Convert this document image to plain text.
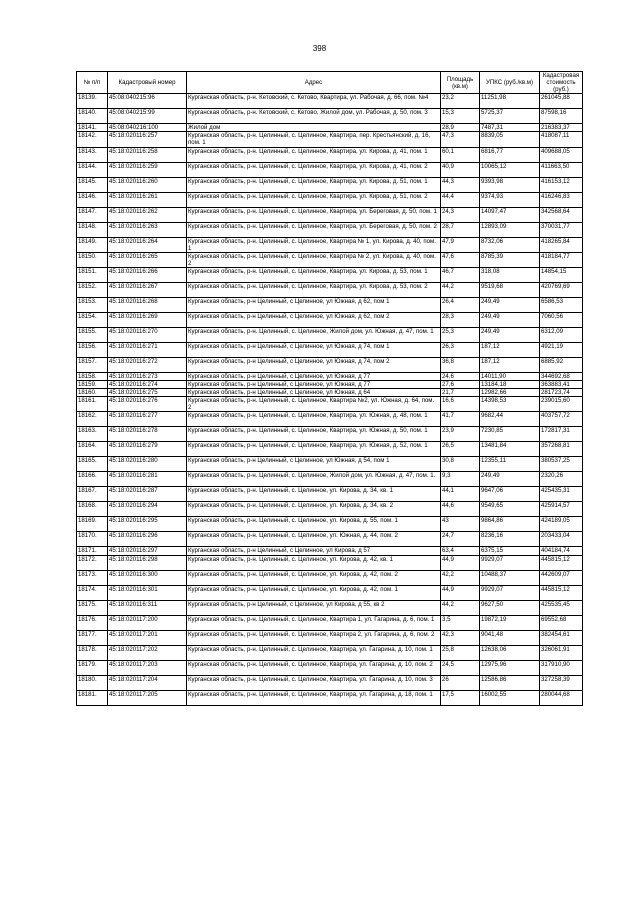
398
№ п/п	Кадастровый номер	Адрес	Площадь (кв.м)	УПКС (руб./кв.м)	Кадастровая стоимость (руб.)
18139.	45:08:040215:96	Курганская область, р-н. Кетовский, с. Кетово, Квартира, ул. Рабочая, д. 66, пом. №4	23,2	11251,98	261045,88
18140.	45:08:040215:99	Курганская область, р-н. Кетовский, с. Кетово, Жилой дом, ул. Рабочая, д. 50, пом. 3	15,3	5725,37	87598,16
18141.	45:08:040216:100	Жилой дом	28,9	7487,31	216383,37
18142.	45:18:020116:257	Курганская область, р-н. Целинный, с. Целинное, Квартира, пер. Крестьянский, д. 16, пом. 1	47,3	8839,05	418087,11
18143.	45:18:020116:258	Курганская область, р-н. Целинный, с. Целинное, Квартира, ул. Кирова, д. 41, пом. 1	60,1	6816,77	409688,05
18144.	45:18:020116:259	Курганская область, р-н. Целинный, с. Целинное, Квартира, ул. Кирова, д. 41, пом. 2	40,9	10065,12	411663,50
18145.	45:18:020116:260	Курганская область, р-н. Целинный, с. Целинное, Квартира, ул. Кирова, д. 51, пом. 1	44,3	9393,98	416153,12
18146.	45:18:020116:261	Курганская область, р-н. Целинный, с. Целинное, Квартира, ул. Кирова, д. 51, пом. 2	44,4	9374,93	416246,83
18147.	45:18:020116:262	Курганская область, р-н. Целинный, с. Целинное, Квартира, ул. Береговая, д. 50, пом. 1	24,3	14097,47	342568,64
18148.	45:18:020116:263	Курганская область, р-н. Целинный, с. Целинное, Квартира, ул. Береговая, д. 50, пом. 2	28,7	12893,09	370031,77
18149.	45:18:020116:264	Курганская область, р-н. Целинный, с. Целинное, Квартира № 1, ул. Кирова, д. 40, пом. 1	47,9	8732,06	418265,84
18150.	45:18:020116:265	Курганская область, р-н. Целинный, с. Целинное, Квартира № 2, ул. Кирова, д. 40, пом. 2	47,6	8785,39	418184,77
18151.	45:18:020116:266	Курганская область, р-н. Целинный, с. Целинное, Квартира, ул. Кирова, д. 53, пом. 1	46,7	318,08	14854,15
18152.	45:18:020116:267	Курганская область, р-н. Целинный, с. Целинное, Квартира, ул. Кирова, д. 53, пом. 2	44,2	9519,68	420769,69
18153.	45:18:020116:268	Курганская область, р-н Целинный, с Целинное, ул Южная, д 62, пом 1	26,4	249,49	6586,53
18154.	45:18:020116:269	Курганская область, р-н Целинный, с Целинное, ул Южная, д 62, пом 2	28,3	249,49	7060,56
18155.	45:18:020116:270	Курганская область, р-н. Целинный, с. Целинное, Жилой дом, ул. Южная, д. 47, пом. 1	25,3	249,49	6312,09
18156.	45:18:020116:271	Курганская область, р-н Целинный, с Целинное, ул Южная, д 74, пом 1	26,3	187,12	4921,19
18157.	45:18:020116:272	Курганская область, р-н Целинный, с Целинное, ул Южная, д 74, пом 2	36,8	187,12	6885,92
18158.	45:18:020116:273	Курганская область, р-н Целинный, с Целинное, ул Южная, д 77	24,6	14011,90	344692,68
18159.	45:18:020116:274	Курганская область, р-н Целинный, с Целинное, ул Южная, д 77	27,6	13184,18	363883,41
18160.	45:18:020116:275	Курганская область, р-н Целинный, с Целинное, ул Южная, д 64	21,7	12982,66	281723,74
18161.	45:18:020116:276	Курганская область, р-н. Целинный, с. Целинное, Квартира №2, ул. Южная, д. 64, пом. 2	16,6	14398,53	239015,60
18162.	45:18:020116:277	Курганская область, р-н. Целинный, с. Целинное, Квартира, ул. Южная, д. 48, пом. 1	41,7	9682,44	403757,72
18163.	45:18:020116:278	Курганская область, р-н. Целинный, с. Целинное, Квартира, ул. Южная, д. 50, пом. 1	23,9	7230,85	172817,31
18164.	45:18:020116:279	Курганская область, р-н. Целинный, с. Целинное, Квартира, ул. Южная, д. 52, пом. 1	26,5	13481,84	357268,81
18165.	45:18:020116:280	Курганская область, р-н Целинный, с Целинное, ул Южная, д 54, пом 1	30,8	12355,11	380537,25
18166.	45:18:020116:281	Курганская область, р-н. Целинный, с. Целинное, Жилой дом, ул. Южная, д. 47, пом. 1.	9,3	249,49	2320,26
18167.	45:18:020116:287	Курганская область, р-н. Целинный, с. Целинное, ул. Кирова, д. 34, кв. 1	44,1	9647,06	425435,31
18168.	45:18:020116:294	Курганская область, р-н. Целинный, с. Целинное, ул. Кирова, д. 34, кв. 2	44,6	9549,65	425914,57
18169.	45:18:020116:295	Курганская область, р-н. Целинный, с. Целинное, ул. Кирова, д. 55, пом. 1	43	9864,86	424189,05
18170.	45:18:020116:296	Курганская область, р-н. Целинный, с. Целинное, ул. Южная, д. 44, пом. 2	24,7	8236,16	203433,04
18171.	45:18:020116:297	Курганская область, р-н Целинный, с Целинное, ул Кирова, д 57	63,4	6375,15	404184,74
18172.	45:18:020116:298	Курганская область, р-н. Целинный, с. Целинное, ул. Кирова, д. 42, кв. 1	44,9	9929,07	445815,12
18173.	45:18:020116:300	Курганская область, р-н. Целинный, с. Целинное, ул. Кирова, д. 42, пом. 2	42,2	10488,37	442609,07
18174.	45:18:020116:301	Курганская область, р-н. Целинный, с. Целинное, ул. Кирова, д. 42, пом. 1	44,9	9929,07	445815,12
18175.	45:18:020116:311	Курганская область, р-н Целинный, с Целинное, ул Кирова, д 55, кв 2	44,2	9627,50	425535,45
18176.	45:18:020117:200	Курганская область, р-н. Целинный, с. Целинное, Квартира 1, ул. Гагарина, д. 6, пом. 1	3,5	19872,19	69552,68
18177.	45:18:020117:201	Курганская область, р-н. Целинный, с. Целинное, Квартира 2, ул. Гагарина, д. 6, пом. 2	42,3	9041,48	382454,61
18178.	45:18:020117:202	Курганская область, р-н. Целинный, с. Целинное, Квартира, ул. Гагарина, д. 10, пом. 1	25,8	12638,06	326061,91
18179.	45:18:020117:203	Курганская область, р-н. Целинный, с. Целинное, Квартира, ул. Гагарина, д. 10, пом. 2	24,5	12975,96	317910,90
18180.	45:18:020117:204	Курганская область, р-н. Целинный, с. Целинное, Квартира, ул. Гагарина, д. 10, пом. 3	26	12586,86	327258,39
18181.	45:18:020117:205	Курганская область, р-н. Целинный, с. Целинное, Квартира, ул. Гагарина, д. 18, пом. 1	17,5	16002,55	280044,68
